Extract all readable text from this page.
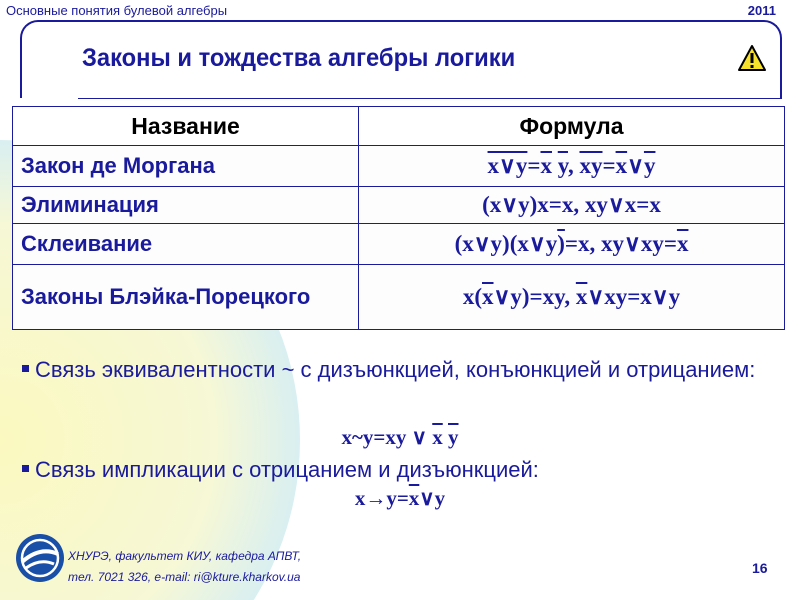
Основные понятия булевой алгебры	2011
Законы и тождества алгебры логики
Название	Формула
Закон де Моргана	$x\vee y=\overline{x}$ $\overline{y}$, $\overline{xy}=\overline{x}\vee\overline{y}$
Элиминация	(x∨y)x=x, xy∨x=x
Склеивание	(x∨y)(x∨y)=x, $xy\vee xy=\overline{x}$
Законы Блэйка-Порецкого	$x(\overline{x}\vee y)=xy$, $\overline{x}\vee xy=x\vee y$
Связь эквивалентности ~ с дизъюнкцией, конъюнкцией и отрицанием:
x~y=xy ∨ $\overline{x}$ $\overline{y}$
Связь импликации с отрицанием и дизъюнкцией:
$x\to y=\overline{x}\vee y$
ХНУРЭ, факультет КИУ, кафедра АПВТ,
тел. 7021 326, e-mail: ri@kture.kharkov.ua
16
